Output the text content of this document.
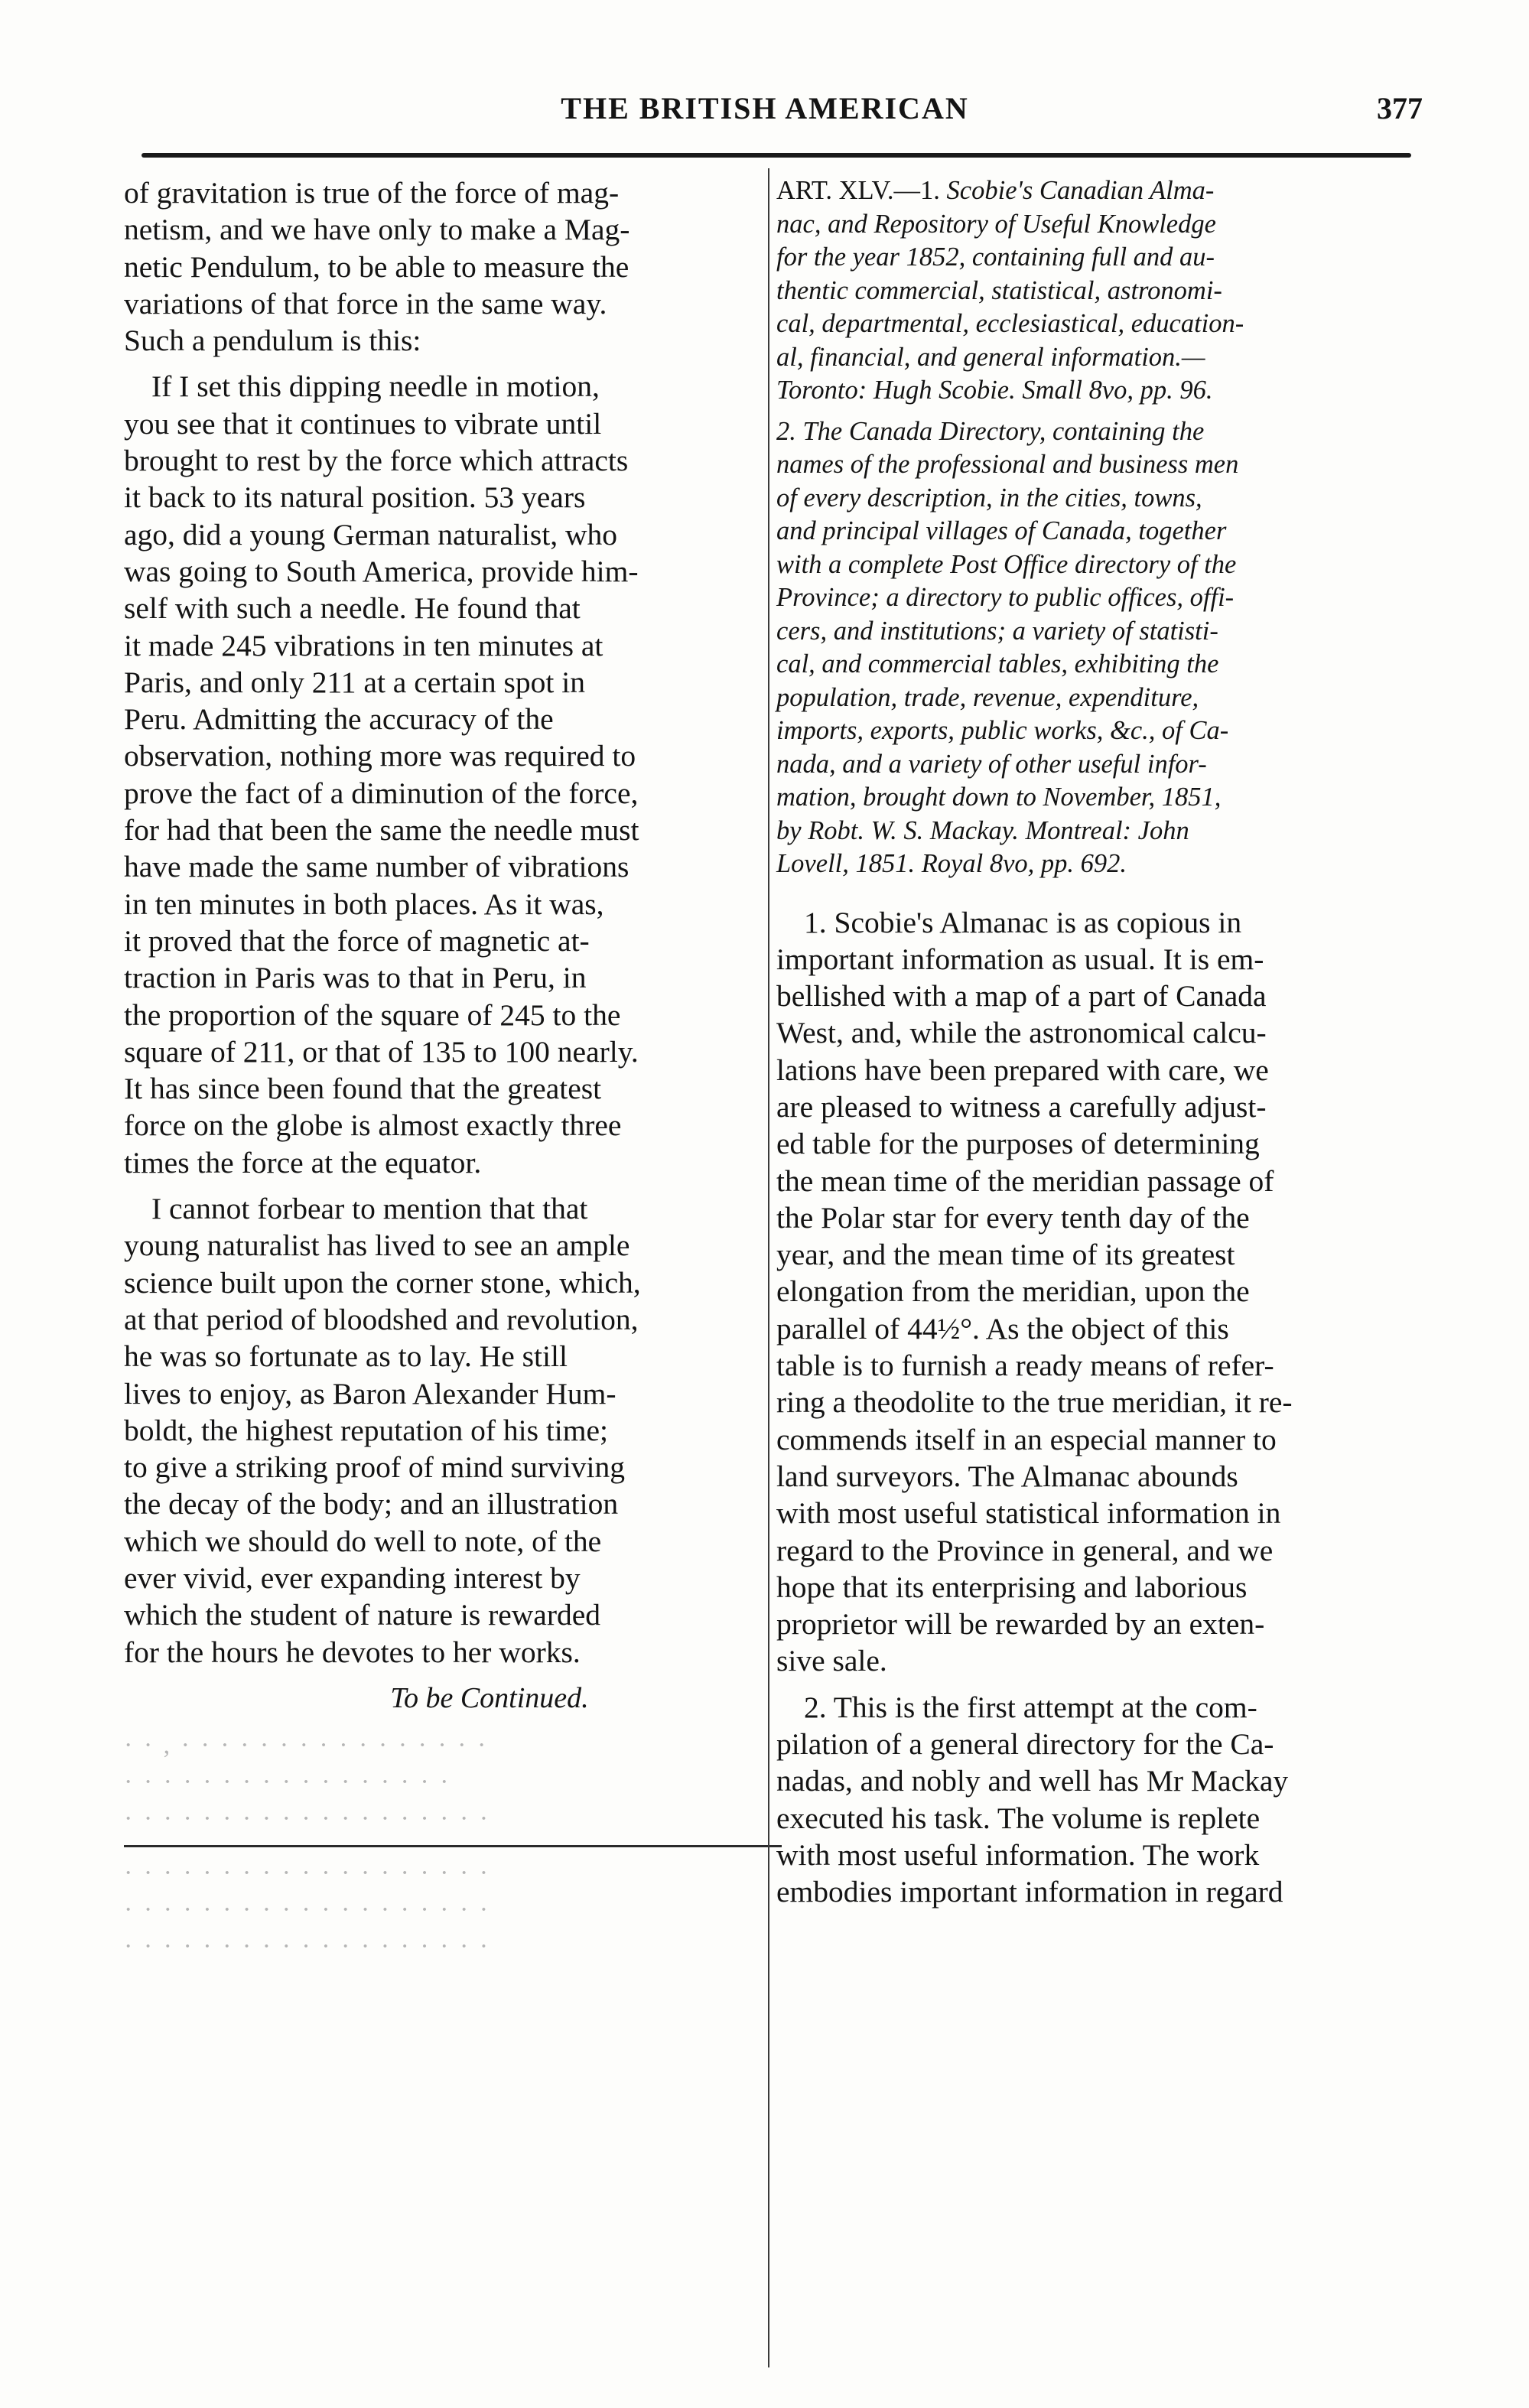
THE BRITISH AMERICAN	377

of gravitation is true of the force of mag-
netism, and we have only to make a Mag-
netic Pendulum, to be able to measure the
variations of that force in the same way.
Such a pendulum is this:

If I set this dipping needle in motion,
you see that it continues to vibrate until
brought to rest by the force which attracts
it back to its natural position. 53 years
ago, did a young German naturalist, who
was going to South America, provide him-
self with such a needle. He found that
it made 245 vibrations in ten minutes at
Paris, and only 211 at a certain spot in
Peru. Admitting the accuracy of the
observation, nothing more was required to
prove the fact of a diminution of the force,
for had that been the same the needle must
have made the same number of vibrations
in ten minutes in both places. As it was,
it proved that the force of magnetic at-
traction in Paris was to that in Peru, in
the proportion of the square of 245 to the
square of 211, or that of 135 to 100 nearly.
It has since been found that the greatest
force on the globe is almost exactly three
times the force at the equator.

I cannot forbear to mention that that
young naturalist has lived to see an ample
science built upon the corner stone, which,
at that period of bloodshed and revolution,
he was so fortunate as to lay. He still
lives to enjoy, as Baron Alexander Hum-
boldt, the highest reputation of his time;
to give a striking proof of mind surviving
the decay of the body; and an illustration
which we should do well to note, of the
ever vivid, ever expanding interest by
which the student of nature is rewarded
for the hours he devotes to her works.

To be Continued.
· · , · · · · · · · · · · · · · · · ·
· · · · · · · · · · · · · · · · ·
· · · · · · · · · · · · · · · · · · ·
· · · · · · · · · · · · · · · · · · ·
· · · · · · · · · · · · · · · · · · ·
· · · · · · · · · · · · · · · · · · ·
ART. XLV.—1. Scobie's Canadian Alma-
nac, and Repository of Useful Knowledge
for the year 1852, containing full and au-
thentic commercial, statistical, astronomi-
cal, departmental, ecclesiastical, education-
al, financial, and general information.—
Toronto: Hugh Scobie. Small 8vo, pp. 96.
2. The Canada Directory, containing the
names of the professional and business men
of every description, in the cities, towns,
and principal villages of Canada, together
with a complete Post Office directory of the
Province; a directory to public offices, offi-
cers, and institutions; a variety of statisti-
cal, and commercial tables, exhibiting the
population, trade, revenue, expenditure,
imports, exports, public works, &c., of Ca-
nada, and a variety of other useful infor-
mation, brought down to November, 1851,
by Robt. W. S. Mackay. Montreal: John
Lovell, 1851. Royal 8vo, pp. 692.

1. Scobie's Almanac is as copious in
important information as usual. It is em-
bellished with a map of a part of Canada
West, and, while the astronomical calcu-
lations have been prepared with care, we
are pleased to witness a carefully adjust-
ed table for the purposes of determining
the mean time of the meridian passage of
the Polar star for every tenth day of the
year, and the mean time of its greatest
elongation from the meridian, upon the
parallel of 44½°. As the object of this
table is to furnish a ready means of refer-
ring a theodolite to the true meridian, it re-
commends itself in an especial manner to
land surveyors. The Almanac abounds
with most useful statistical information in
regard to the Province in general, and we
hope that its enterprising and laborious
proprietor will be rewarded by an exten-
sive sale.

2. This is the first attempt at the com-
pilation of a general directory for the Ca-
nadas, and nobly and well has Mr Mackay
executed his task. The volume is replete
with most useful information. The work
embodies important information in regard
